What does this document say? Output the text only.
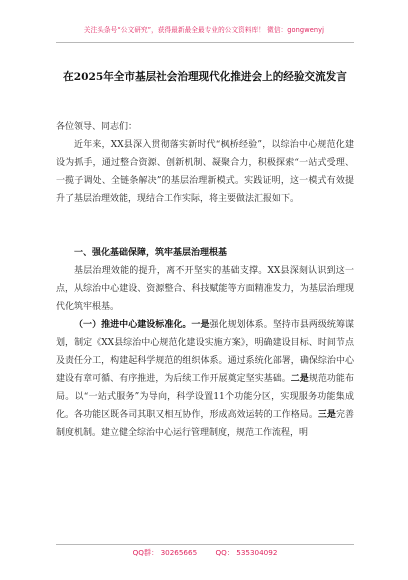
关注头条号“公文研究”，获得最新最全最专业的公文资料库！ 微信：gongwenyj
在2025年全市基层社会治理现代化推进会上的经验交流发言

各位领导、同志们：

近年来，XX县深入贯彻落实新时代“枫桥经验”，以综治中心规范化建设为抓手，通过整合资源、创新机制、凝聚合力，积极探索“一站式受理、一揽子调处、全链条解决”的基层治理新模式。实践证明，这一模式有效提升了基层治理效能，现结合工作实际，将主要做法汇报如下。

一、强化基础保障，筑牢基层治理根基

基层治理效能的提升，离不开坚实的基础支撑。XX县深刻认识到这一点，从综治中心建设、资源整合、科技赋能等方面精准发力，为基层治理现代化筑牢根基。

（一）推进中心建设标准化。一是强化规划体系。坚持市县两级统筹谋划，制定《XX县综治中心规范化建设实施方案》，明确建设目标、时间节点及责任分工，构建起科学规范的组织体系。通过系统化部署，确保综治中心建设有章可循、有序推进，为后续工作开展奠定坚实基础。二是规范功能布局。以“一站式服务”为导向，科学设置11个功能分区，实现服务功能集成化。各功能区既各司其职又相互协作，形成高效运转的工作格局。三是完善制度机制。建立健全综治中心运行管理制度，规范工作流程，明

QQ群： 30265665	QQ： 535304092
